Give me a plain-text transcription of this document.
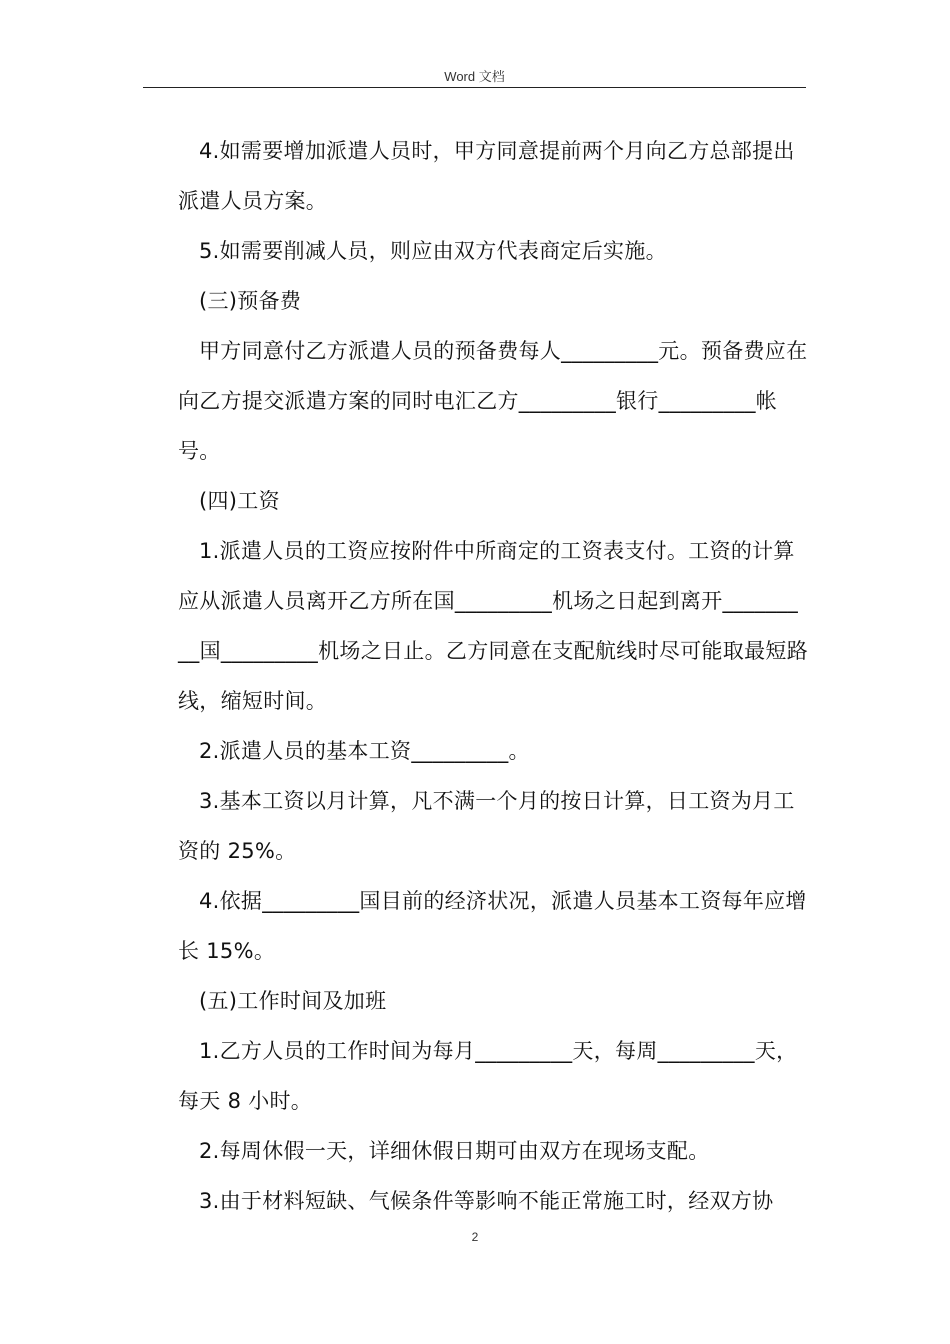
Word 文档

4.如需要增加派遣人员时，甲方同意提前两个月向乙方总部提出派遣人员方案。

5.如需要削减人员，则应由双方代表商定后实施。

(三)预备费

甲方同意付乙方派遣人员的预备费每人_________元。预备费应在向乙方提交派遣方案的同时电汇乙方_________银行_________帐号。

(四)工资

1.派遣人员的工资应按附件中所商定的工资表支付。工资的计算应从派遣人员离开乙方所在国_________机场之日起到离开_________国_________机场之日止。乙方同意在支配航线时尽可能取最短路线，缩短时间。

2.派遣人员的基本工资_________。

3.基本工资以月计算，凡不满一个月的按日计算，日工资为月工资的 25%。

4.依据_________国目前的经济状况，派遣人员基本工资每年应增长 15%。

(五)工作时间及加班

1.乙方人员的工作时间为每月_________天，每周_________天，每天 8 小时。

2.每周休假一天，详细休假日期可由双方在现场支配。

3.由于材料短缺、气候条件等影响不能正常施工时，经双方协

2
